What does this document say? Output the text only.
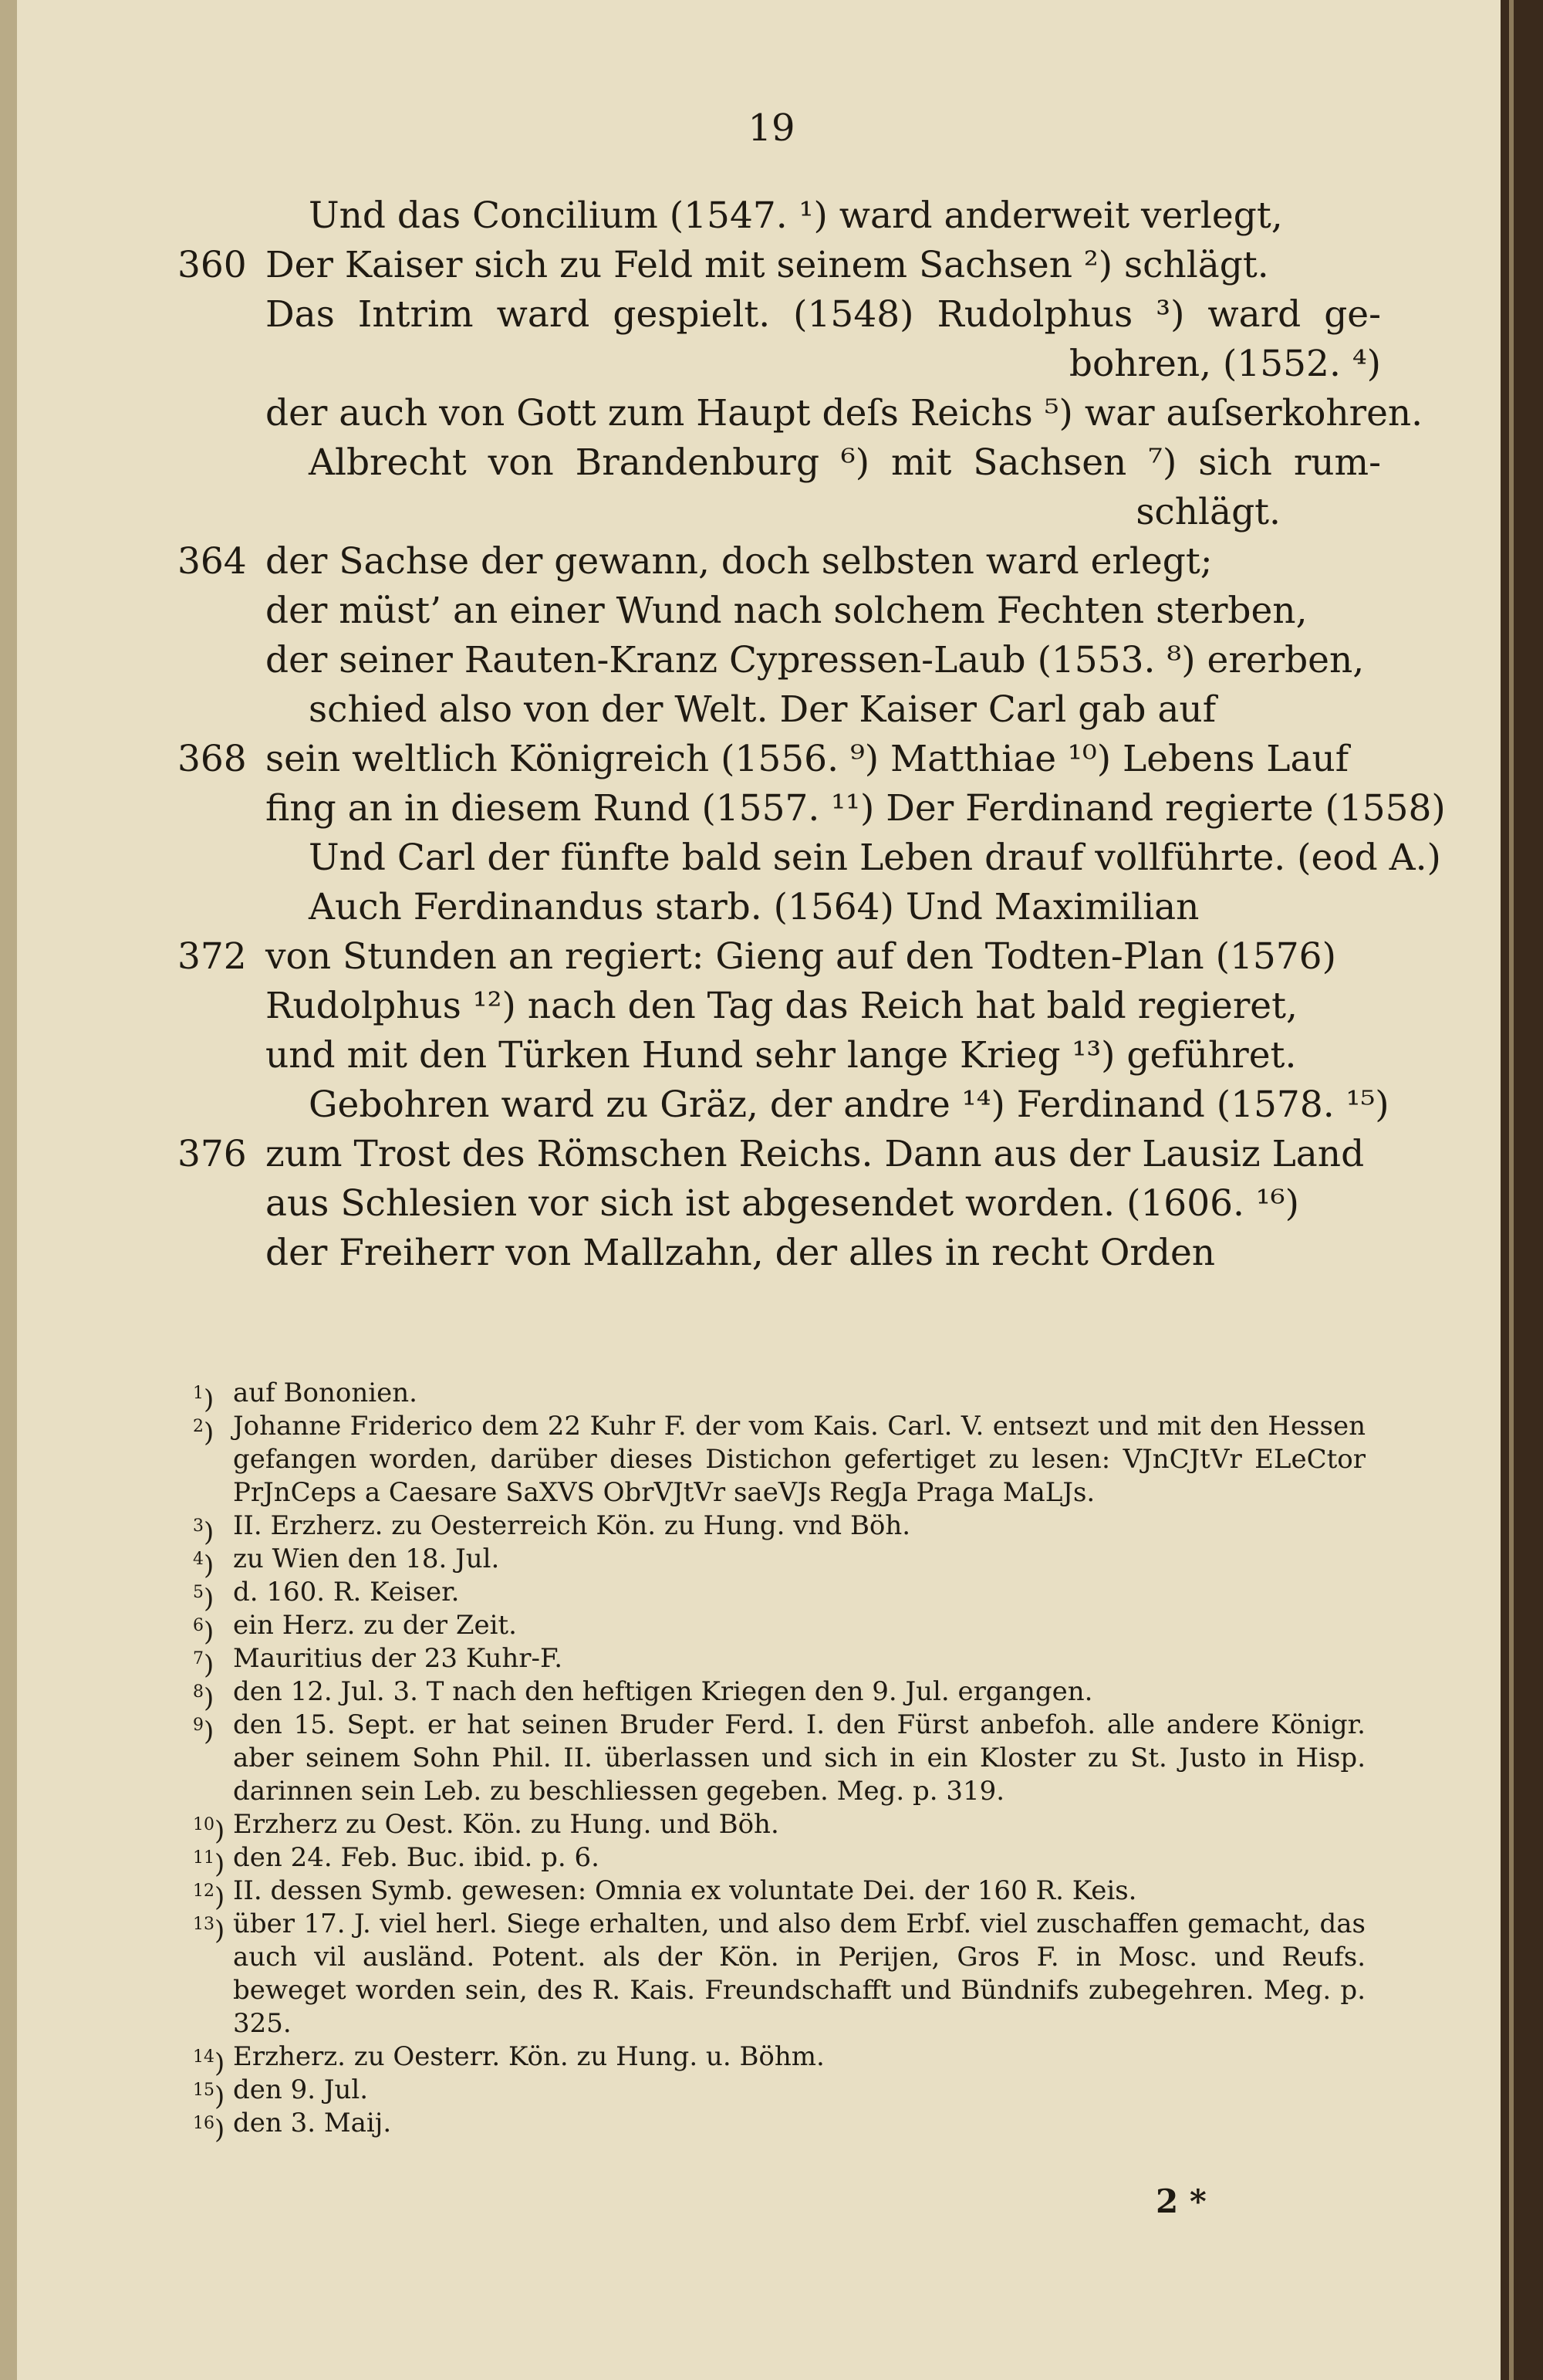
19
Und das Concilium (1547. ¹) ward anderweit verlegt,
360 Der Kaiser sich zu Feld mit seinem Sachsen ²) schlägt.
Das Intrim ward gespielt. (1548) Rudolphus ³) ward ge-
bohren, (1552. ⁴)
der auch von Gott zum Haupt deſs Reichs ⁵) war auſserkohren.
Albrecht von Brandenburg ⁶) mit Sachsen ⁷) sich rum-
schlägt.
364 der Sachse der gewann, doch selbsten ward erlegt;
der müst’ an einer Wund nach solchem Fechten sterben,
der seiner Rauten-Kranz Cypressen-Laub (1553. ⁸) ererben,
schied also von der Welt. Der Kaiser Carl gab auf
368 sein weltlich Königreich (1556. ⁹) Matthiae ¹⁰) Lebens Lauf
fing an in diesem Rund (1557. ¹¹) Der Ferdinand regierte (1558)
Und Carl der fünfte bald sein Leben drauf vollführte. (eod A.)
Auch Ferdinandus starb. (1564) Und Maximilian
372 von Stunden an regiert: Gieng auf den Todten-Plan (1576)
Rudolphus ¹²) nach den Tag das Reich hat bald regieret,
und mit den Türken Hund sehr lange Krieg ¹³) geführet.
Gebohren ward zu Gräz, der andre ¹⁴) Ferdinand (1578. ¹⁵)
376 zum Trost des Römschen Reichs. Dann aus der Lausiz Land
aus Schlesien vor sich ist abgesendet worden. (1606. ¹⁶)
der Freiherr von Mallzahn, der alles in recht Orden
$^1$) auf Bononien.
$^2$) Johanne Friderico dem 22 Kuhr F. der vom Kais. Carl. V. entsezt und mit den Hessen gefangen worden, darüber dieses Distichon gefertiget zu lesen: VJnCJtVr ELeCtor PrJnCeps a Caesare SaXVS ObrVJtVr saeVJs RegJa Praga MaLJs.
$^3$) II. Erzherz. zu Oesterreich Kön. zu Hung. vnd Böh.
$^4$) zu Wien den 18. Jul.
$^5$) d. 160. R. Keiser.
$^6$) ein Herz. zu der Zeit.
$^7$) Mauritius der 23 Kuhr-F.
$^8$) den 12. Jul. 3. T nach den heftigen Kriegen den 9. Jul. ergangen.
$^9$) den 15. Sept. er hat seinen Bruder Ferd. I. den Fürst anbefoh. alle andere Königr. aber seinem Sohn Phil. II. überlassen und sich in ein Kloster zu St. Justo in Hisp. darinnen sein Leb. zu beschliessen gegeben. Meg. p. 319.
$^{10}$) Erzherz zu Oest. Kön. zu Hung. und Böh.
$^{11}$) den 24. Feb. Buc. ibid. p. 6.
$^{12}$) II. dessen Symb. gewesen: Omnia ex voluntate Dei. der 160 R. Keis.
$^{13}$) über 17. J. viel herl. Siege erhalten, und also dem Erbf. viel zuschaffen gemacht, das auch vil ausländ. Potent. als der Kön. in Perijen, Gros F. in Mosc. und Reufs. beweget worden sein, des R. Kais. Freundschafft und Bündnifs zubegehren. Meg. p. 325.
$^{14}$) Erzherz. zu Oesterr. Kön. zu Hung. u. Böhm.
$^{15}$) den 9. Jul.
$^{16}$) den 3. Maij.
2 *
